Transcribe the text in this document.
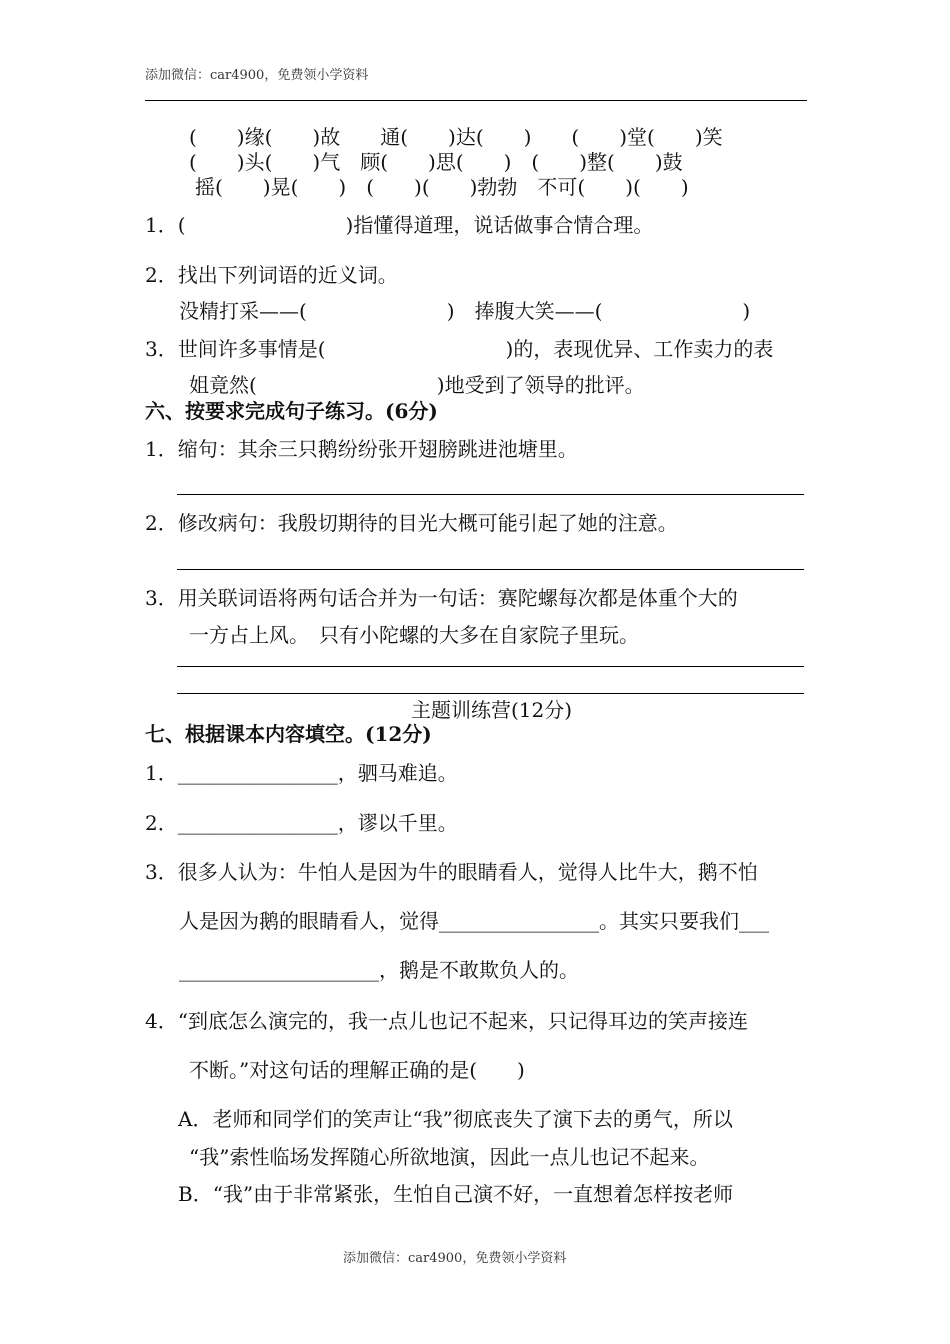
添加微信：car4900，免费领小学资料
(　　)缘(　　)故　　通(　　)达(　　)　　(　　)堂(　　)笑
(　　)头(　　)气　顾(　　)思(　　)　(　　)整(　　)鼓
摇(　　)晃(　　)　(　　)(　　)勃勃　不可(　　)(　　)
1．(　　　　　　　　)指懂得道理，说话做事合情合理。
2．找出下列词语的近义词。
没精打采——(　　　　　　　)　捧腹大笑——(　　　　　　　)
3．世间许多事情是(　　　　　　　　　)的，表现优异、工作卖力的表
姐竟然(　　　　　　　　　)地受到了领导的批评。
六、按要求完成句子练习。(6分)
1．缩句：其余三只鹅纷纷张开翅膀跳进池塘里。
2．修改病句：我殷切期待的目光大概可能引起了她的注意。
3．用关联词语将两句话合并为一句话：赛陀螺每次都是体重个大的
一方占上风。　只有小陀螺的大多在自家院子里玩。
主题训练营(12分)
七、根据课本内容填空。(12分)
1．________________，驷马难追。
2．________________，谬以千里。
3．很多人认为：牛怕人是因为牛的眼睛看人，觉得人比牛大，鹅不怕
人是因为鹅的眼睛看人，觉得________________。其实只要我们___
____________________，鹅是不敢欺负人的。
4．“到底怎么演完的，我一点儿也记不起来，只记得耳边的笑声接连
不断。”对这句话的理解正确的是(　　)
A．老师和同学们的笑声让“我”彻底丧失了演下去的勇气，所以
“我”索性临场发挥随心所欲地演，因此一点儿也记不起来。
B．“我”由于非常紧张，生怕自己演不好，一直想着怎样按老师
添加微信：car4900，免费领小学资料
